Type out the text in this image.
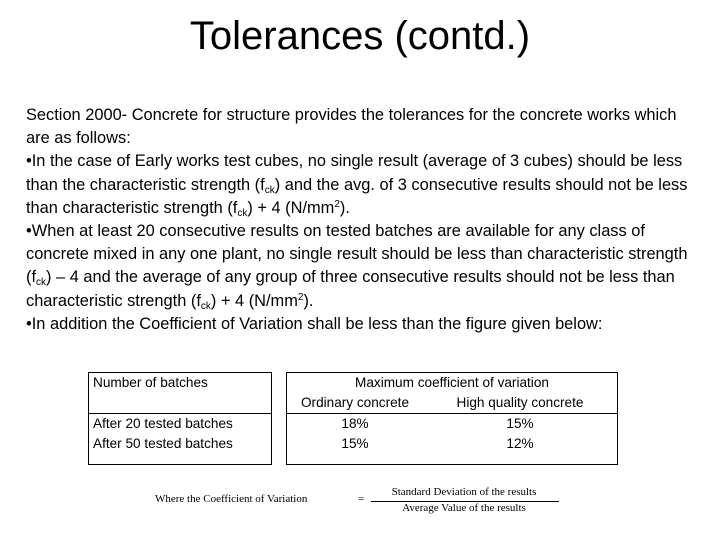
Tolerances (contd.)

Section 2000- Concrete for structure provides the tolerances for the concrete works which are as follows:

•In the case of Early works test cubes, no single result (average of 3 cubes) should be less than the characteristic strength $(f_{ck})$ and the avg. of 3 consecutive results should not be less than characteristic strength $(f_{ck}) + 4$ $(N/mm^2)$.

•When at least 20 consecutive results on tested batches are available for any class of concrete mixed in any one plant, no single result should be less than characteristic strength $(f_{ck}) - 4$ and the average of any group of three consecutive results should not be less than characteristic strength $(f_{ck}) + 4$ $(N/mm^2)$.

•In addition the Coefficient of Variation shall be less than the figure given below:

Number of batches		Maximum coefficient of variation	
		Ordinary concrete	High quality concrete
After 20 tested batches		18%	15%
After 50 tested batches		15%	12%
Where the Coefficient of Variation	=
Standard Deviation of the results
Average Value of the results
